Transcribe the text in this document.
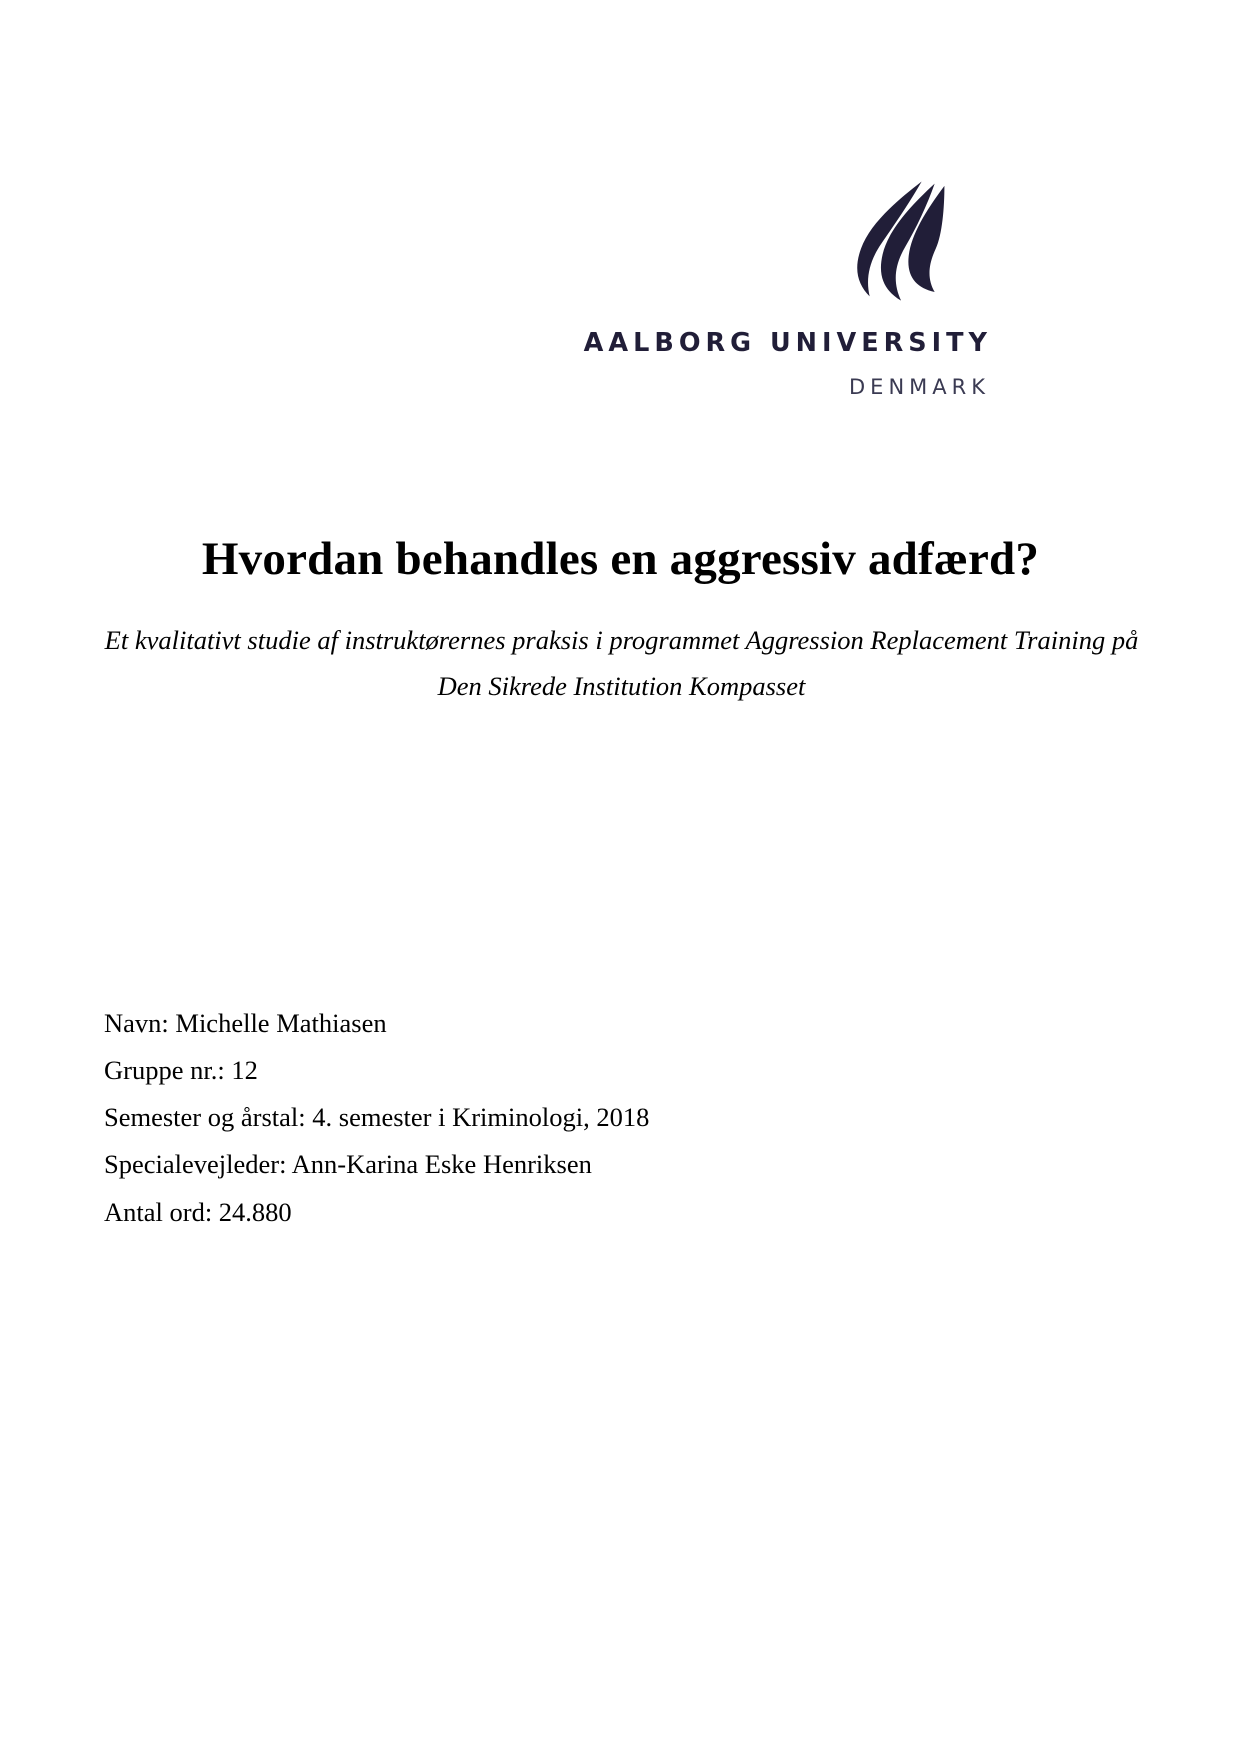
AALBORG UNIVERSITY
DENMARK
Hvordan behandles en aggressiv adfærd?
Et kvalitativt studie af instruktørernes praksis i programmet Aggression Replacement Training på Den Sikrede Institution Kompasset
Navn: Michelle Mathiasen
Gruppe nr.: 12
Semester og årstal: 4. semester i Kriminologi, 2018
Specialevejleder: Ann-Karina Eske Henriksen
Antal ord: 24.880
